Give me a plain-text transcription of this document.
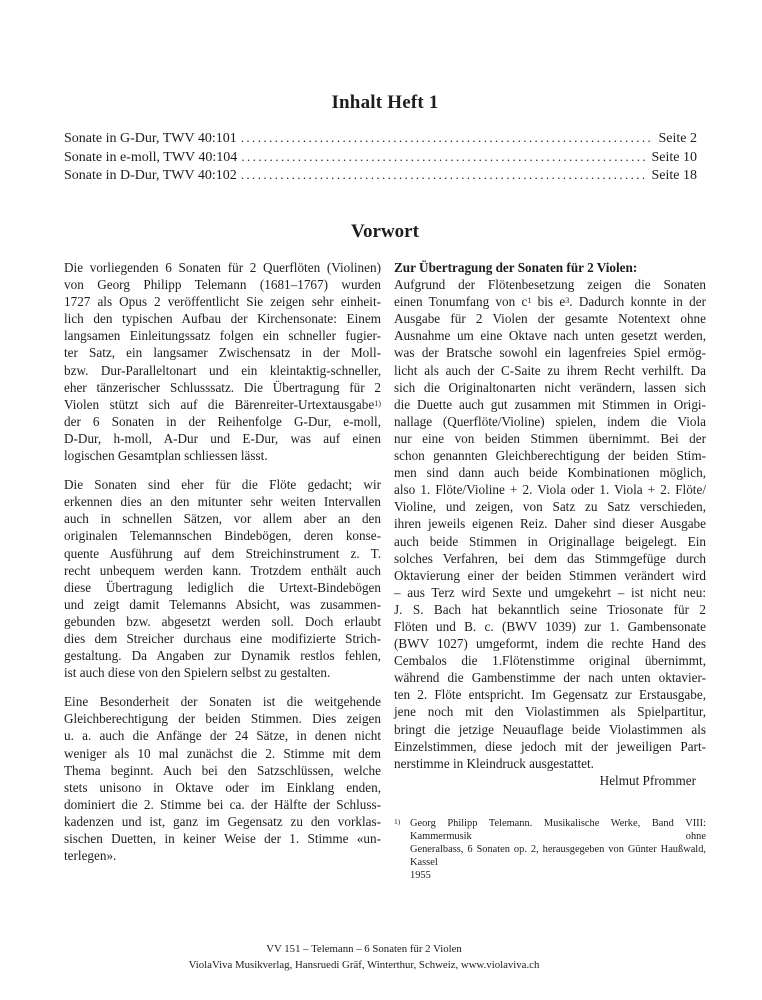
Inhalt Heft 1
Sonate in G-Dur, TWV 40:101 .....	Seite 2
Sonate in e-moll, TWV 40:104 .....	Seite 10
Sonate in D-Dur, TWV 40:102 .....	Seite 18
Vorwort
Die vorliegenden 6 Sonaten für 2 Querflöten (Violinen)
von Georg Philipp Telemann (1681–1767) wurden
1727 als Opus 2 veröffentlicht Sie zeigen sehr einheit-
lich den typischen Aufbau der Kirchensonate: Einem
langsamen Einleitungssatz folgen ein schneller fugier-
ter Satz, ein langsamer Zwischensatz in der Moll-
bzw. Dur-Paralleltonart und ein kleintaktig-schneller,
eher tänzerischer Schlusssatz. Die Übertragung für 2
Violen stützt sich auf die Bärenreiter-Urtextausgabe$^{1)}$
der 6 Sonaten in der Reihenfolge G-Dur, e-moll,
D-Dur, h-moll, A-Dur und E-Dur, was auf einen
logischen Gesamtplan schliessen lässt.
Die Sonaten sind eher für die Flöte gedacht; wir
erkennen dies an den mitunter sehr weiten Intervallen
auch in schnellen Sätzen, vor allem aber an den
originalen Telemannschen Bindebögen, deren konse-
quente Ausführung auf dem Streichinstrument z. T.
recht unbequem werden kann. Trotzdem enthält auch
diese Übertragung lediglich die Urtext-Bindebögen
und zeigt damit Telemanns Absicht, was zusammen-
gebunden bzw. abgesetzt werden soll. Doch erlaubt
dies dem Streicher durchaus eine modifizierte Strich-
gestaltung. Da Angaben zur Dynamik restlos fehlen,
ist auch diese von den Spielern selbst zu gestalten.
Eine Besonderheit der Sonaten ist die weitgehende
Gleichberechtigung der beiden Stimmen. Dies zeigen
u. a. auch die Anfänge der 24 Sätze, in denen nicht
weniger als 10 mal zunächst die 2. Stimme mit dem
Thema beginnt. Auch bei den Satzschlüssen, welche
stets unisono in Oktave oder im Einklang enden,
dominiert die 2. Stimme bei ca. der Hälfte der Schluss-
kadenzen und ist, ganz im Gegensatz zu den vorklas-
sischen Duetten, in keiner Weise der 1. Stimme «un-
terlegen».
Zur Übertragung der Sonaten für 2 Violen:
Aufgrund der Flötenbesetzung zeigen die Sonaten
einen Tonumfang von $c^1$ bis $e^3$. Dadurch konnte in der
Ausgabe für 2 Violen der gesamte Notentext ohne
Ausnahme um eine Oktave nach unten gesetzt werden,
was der Bratsche sowohl ein lagenfreies Spiel ermög-
licht als auch der C-Saite zu ihrem Recht verhilft. Da
sich die Originaltonarten nicht verändern, lassen sich
die Duette auch gut zusammen mit Stimmen in Origi-
nallage (Querflöte/Violine) spielen, indem die Viola
nur eine von beiden Stimmen übernimmt. Bei der
schon genannten Gleichberechtigung der beiden Stim-
men sind dann auch beide Kombinationen möglich,
also 1. Flöte/Violine + 2. Viola oder 1. Viola + 2. Flöte/
Violine, und zeigen, von Satz zu Satz verschieden,
ihren jeweils eigenen Reiz. Daher sind dieser Ausgabe
auch beide Stimmen in Originallage beigelegt. Ein
solches Verfahren, bei dem das Stimmgefüge durch
Oktavierung einer der beiden Stimmen verändert wird
– aus Terz wird Sexte und umgekehrt – ist nicht neu:
J. S. Bach hat bekanntlich seine Triosonate für 2
Flöten und B. c. (BWV 1039) zur 1. Gambensonate
(BWV 1027) umgeformt, indem die rechte Hand des
Cembalos die 1.Flötenstimme original übernimmt,
während die Gambenstimme der nach unten oktavier-
ten 2. Flöte entspricht. Im Gegensatz zur Erstausgabe,
jene noch mit den Violastimmen als Spielpartitur,
bringt die jetzige Neuauflage beide Violastimmen als
Einzelstimmen, diese jedoch mit der jeweiligen Part-
nerstimme in Kleindruck ausgestattet.
Helmut Pfrommer
1) Georg Philipp Telemann. Musikalische Werke, Band VIII: Kammermusik ohne
Generalbass, 6 Sonaten op. 2, herausgegeben von Günter Haußwald, Kassel
1955
VV 151 – Telemann – 6 Sonaten für 2 Violen
ViolaViva Musikverlag, Hansruedi Gräf, Winterthur, Schweiz, www.violaviva.ch
